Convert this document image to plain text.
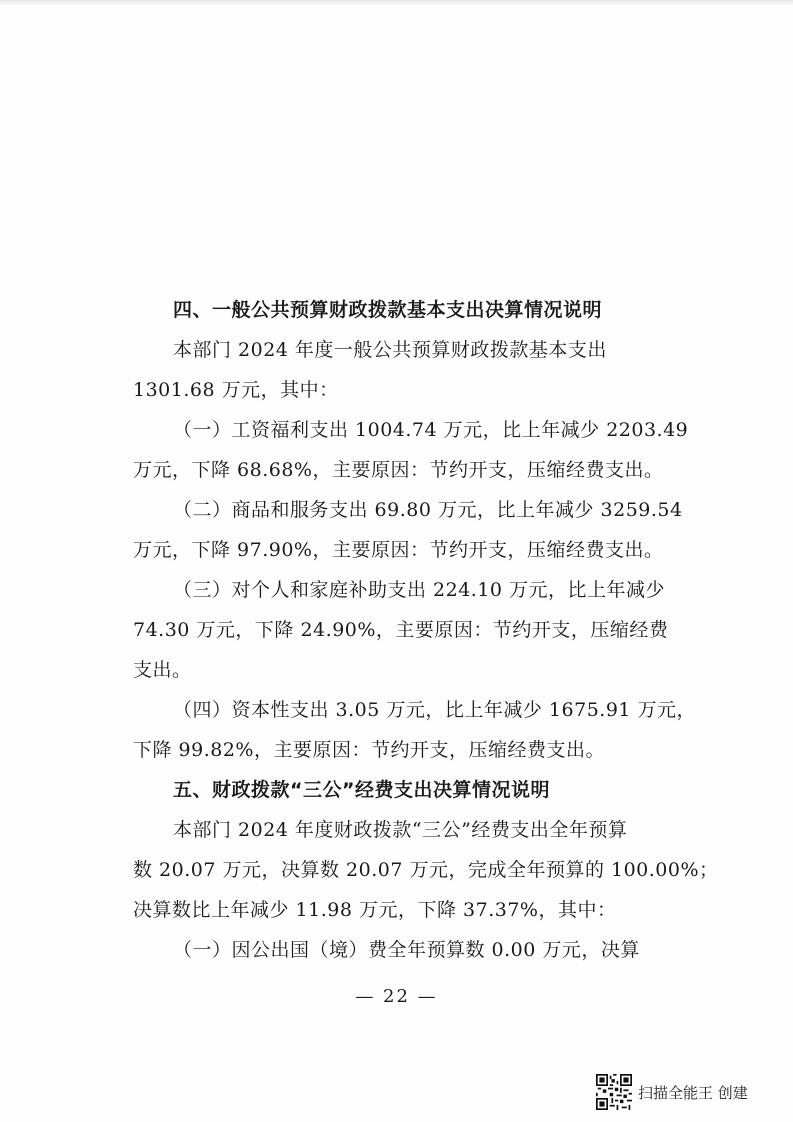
四、一般公共预算财政拨款基本支出决算情况说明
本部门 2024 年度一般公共预算财政拨款基本支出
1301.68 万元，其中：
（一）工资福利支出 1004.74 万元，比上年减少 2203.49
万元，下降 68.68%，主要原因：节约开支，压缩经费支出。
（二）商品和服务支出 69.80 万元，比上年减少 3259.54
万元，下降 97.90%，主要原因：节约开支，压缩经费支出。
（三）对个人和家庭补助支出 224.10 万元，比上年减少
74.30 万元，下降 24.90%，主要原因：节约开支，压缩经费
支出。
（四）资本性支出 3.05 万元，比上年减少 1675.91 万元，
下降 99.82%，主要原因：节约开支，压缩经费支出。
五、财政拨款“三公”经费支出决算情况说明
本部门 2024 年度财政拨款“三公”经费支出全年预算
数 20.07 万元，决算数 20.07 万元，完成全年预算的 100.00%；
决算数比上年减少 11.98 万元，下降 37.37%，其中：
（一）因公出国（境）费全年预算数 0.00 万元，决算
— 22 —
扫描全能王 创建
